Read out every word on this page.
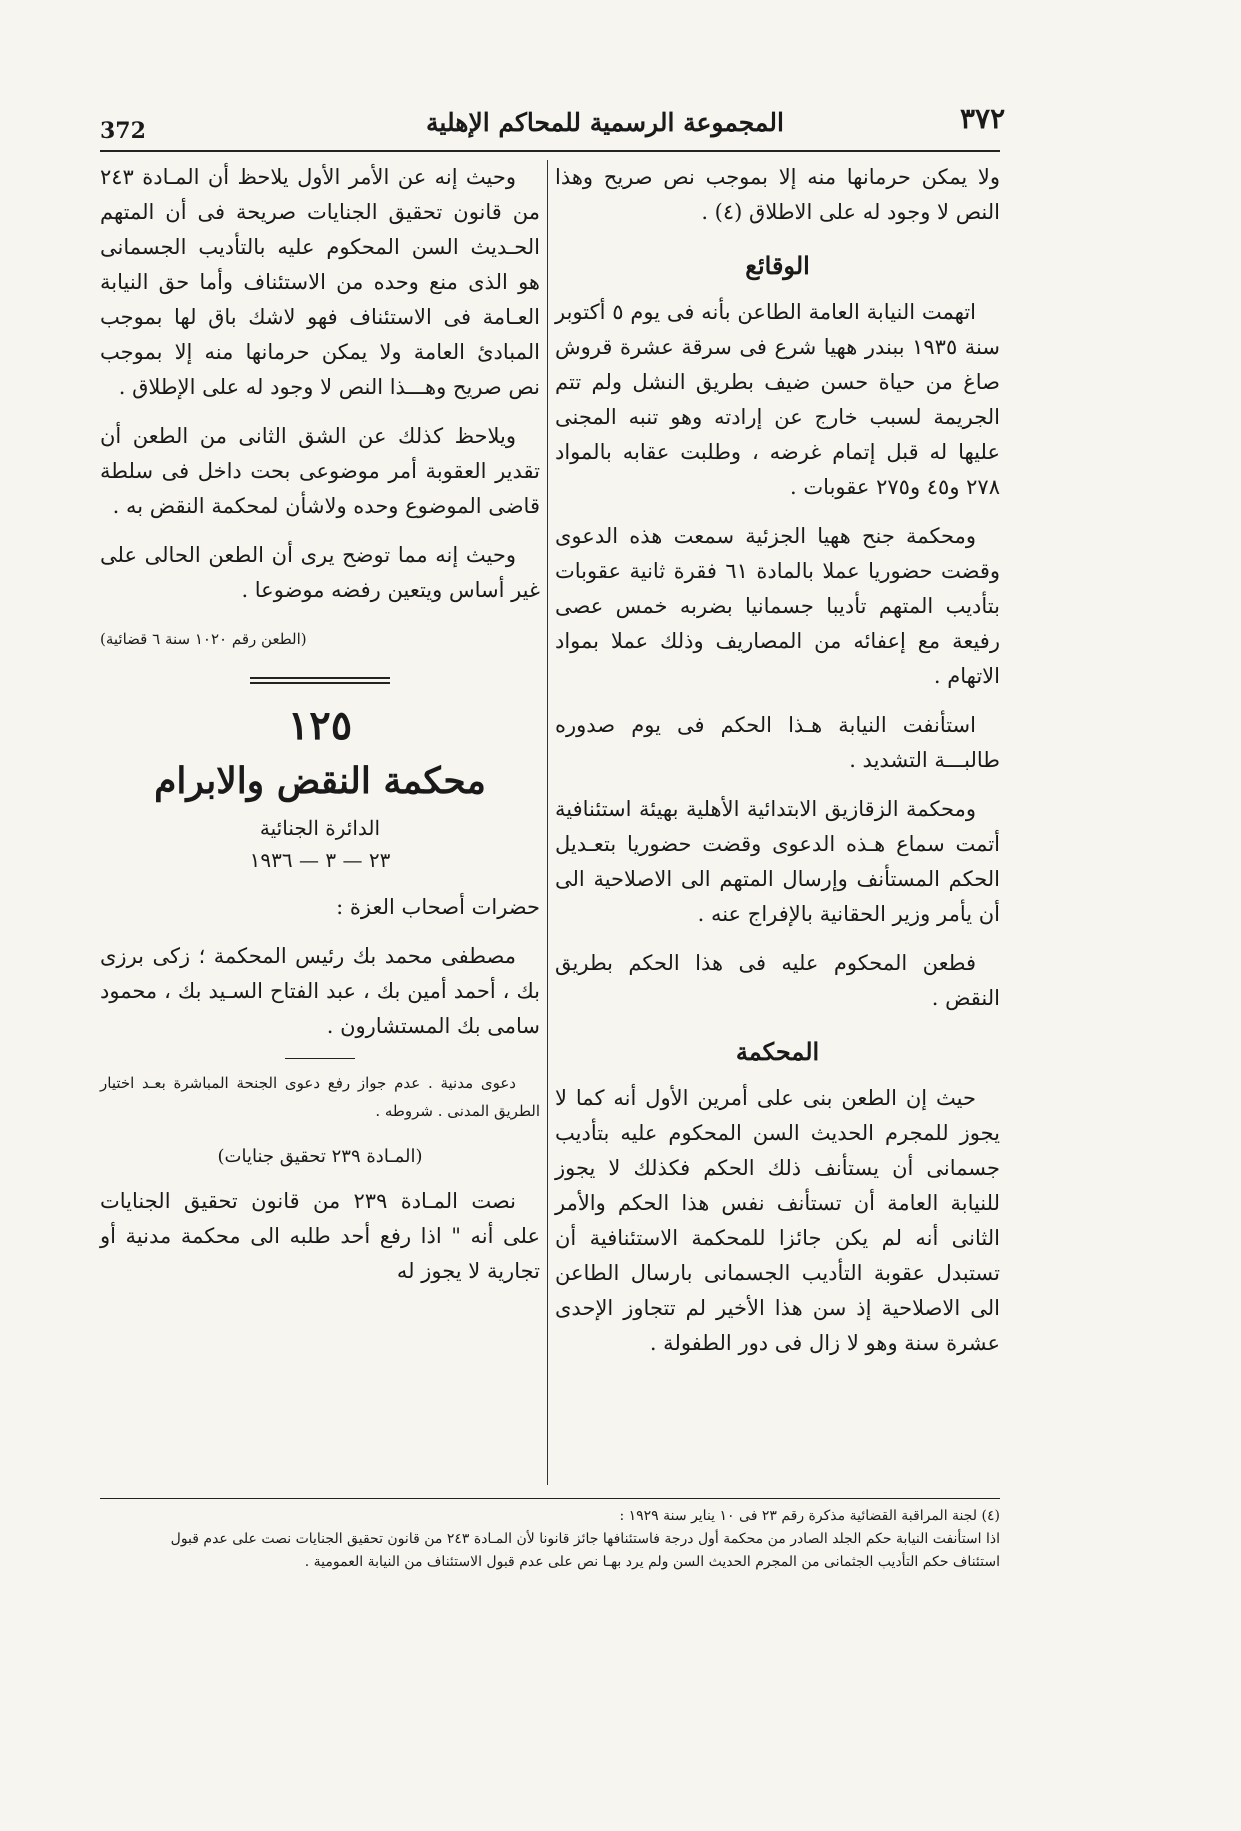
372	المجموعة الرسمية للمحاكم الإهلية	٣٧٢

ولا يمكن حرمانها منه إلا بموجب نص صريح وهذا النص لا وجود له على الاطلاق (٤) .

الوقائع

اتهمت النيابة العامة الطاعن بأنه فى يوم ٥ أكتوبر سنة ١٩٣٥ ببندر ههيا شرع فى سرقة عشرة قروش صاغ من حياة حسن ضيف بطريق النشل ولم تتم الجريمة لسبب خارج عن إرادته وهو تنبه المجنى عليها له قبل إتمام غرضه ، وطلبت عقابه بالمواد ٢٧٨ و٤٥ و٢٧٥ عقوبات .

ومحكمة جنح ههيا الجزئية سمعت هذه الدعوى وقضت حضوريا عملا بالمادة ٦١ فقرة ثانية عقوبات بتأديب المتهم تأديبا جسمانيا بضربه خمس عصى رفيعة مع إعفائه من المصاريف وذلك عملا بمواد الاتهام .

استأنفت النيابة هـذا الحكم فى يوم صدوره طالبـــة التشديد .

ومحكمة الزقازيق الابتدائية الأهلية بهيئة استئنافية أتمت سماع هـذه الدعوى وقضت حضوريا بتعـديل الحكم المستأنف وإرسال المتهم الى الاصلاحية الى أن يأمر وزير الحقانية بالإفراج عنه .

فطعن المحكوم عليه فى هذا الحكم بطريق النقض .

المحكمة

حيث إن الطعن بنى على أمرين الأول أنه كما لا يجوز للمجرم الحديث السن المحكوم عليه بتأديب جسمانى أن يستأنف ذلك الحكم فكذلك لا يجوز للنيابة العامة أن تستأنف نفس هذا الحكم والأمر الثانى أنه لم يكن جائزا للمحكمة الاستئنافية أن تستبدل عقوبة التأديب الجسمانى بارسال الطاعن الى الاصلاحية إذ سن هذا الأخير لم تتجاوز الإحدى عشرة سنة وهو لا زال فى دور الطفولة .

وحيث إنه عن الأمر الأول يلاحظ أن المـادة ٢٤٣ من قانون تحقيق الجنايات صريحة فى أن المتهم الحـديث السن المحكوم عليه بالتأديب الجسمانى هو الذى منع وحده من الاستئناف وأما حق النيابة العـامة فى الاستئناف فهو لاشك باق لها بموجب المبادئ العامة ولا يمكن حرمانها منه إلا بموجب نص صريح وهـــذا النص لا وجود له على الإطلاق .

ويلاحظ كذلك عن الشق الثانى من الطعن أن تقدير العقوبة أمر موضوعى بحت داخل فى سلطة قاضى الموضوع وحده ولاشأن لمحكمة النقض به .

وحيث إنه مما توضح يرى أن الطعن الحالى على غير أساس ويتعين رفضه موضوعا .

(الطعن رقم ١٠٢٠ سنة ٦ قضائية)
١٢٥
محكمة النقض والابرام
الدائرة الجنائية
٢٣ — ٣ — ١٩٣٦

حضرات أصحاب العزة :

مصطفى محمد بك رئيس المحكمة ؛ زكى برزى بك ، أحمد أمين بك ، عبد الفتاح السـيد بك ، محمود سامى بك المستشارون .

دعوى مدنية . عدم جواز رفع دعوى الجنحة المباشرة بعـد اختيار الطريق المدنى . شروطه .

(المـادة ٢٣٩ تحقيق جنايات)

نصت المـادة ٢٣٩ من قانون تحقيق الجنايات على أنه " اذا رفع أحد طلبه الى محكمة مدنية أو تجارية لا يجوز له

(٤) لجنة المراقبة القضائية مذكرة رقم ٢٣ فى ١٠ يناير سنة ١٩٢٩ :
اذا استأنفت النيابة حكم الجلد الصادر من محكمة أول درجة فاستئنافها جائز قانونا لأن المـادة ٢٤٣ من قانون تحقيق الجنايات نصت على عدم قبول
استئناف حكم التأديب الجثمانى من المجرم الحديث السن ولم يرد بهـا نص على عدم قبول الاستئناف من النيابة العمومية .
